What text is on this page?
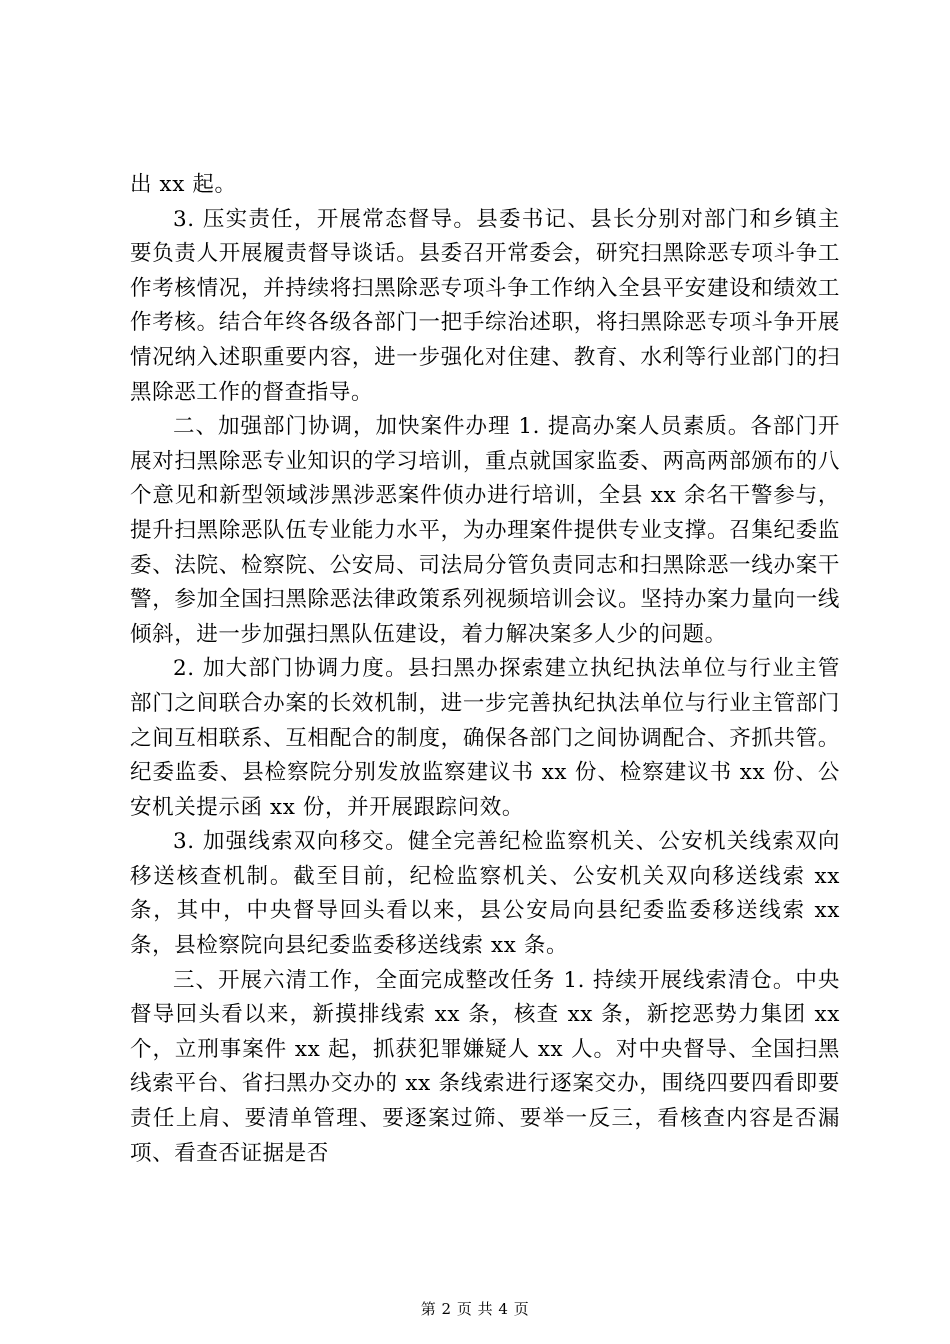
出 xx 起。

3. 压实责任，开展常态督导。县委书记、县长分别对部门和乡镇主要负责人开展履责督导谈话。县委召开常委会，研究扫黑除恶专项斗争工作考核情况，并持续将扫黑除恶专项斗争工作纳入全县平安建设和绩效工作考核。结合年终各级各部门一把手综治述职，将扫黑除恶专项斗争开展情况纳入述职重要内容，进一步强化对住建、教育、水利等行业部门的扫黑除恶工作的督查指导。

二、加强部门协调，加快案件办理 1. 提高办案人员素质。各部门开展对扫黑除恶专业知识的学习培训，重点就国家监委、两高两部颁布的八个意见和新型领域涉黑涉恶案件侦办进行培训，全县 xx 余名干警参与，提升扫黑除恶队伍专业能力水平，为办理案件提供专业支撑。召集纪委监委、法院、检察院、公安局、司法局分管负责同志和扫黑除恶一线办案干警，参加全国扫黑除恶法律政策系列视频培训会议。坚持办案力量向一线倾斜，进一步加强扫黑队伍建设，着力解决案多人少的问题。

2. 加大部门协调力度。县扫黑办探索建立执纪执法单位与行业主管部门之间联合办案的长效机制，进一步完善执纪执法单位与行业主管部门之间互相联系、互相配合的制度，确保各部门之间协调配合、齐抓共管。纪委监委、县检察院分别发放监察建议书 xx 份、检察建议书 xx 份、公安机关提示函 xx 份，并开展跟踪问效。

3. 加强线索双向移交。健全完善纪检监察机关、公安机关线索双向移送核查机制。截至目前，纪检监察机关、公安机关双向移送线索 xx 条，其中，中央督导回头看以来，县公安局向县纪委监委移送线索 xx 条，县检察院向县纪委监委移送线索 xx 条。

三、开展六清工作，全面完成整改任务 1. 持续开展线索清仓。中央督导回头看以来，新摸排线索 xx 条，核查 xx 条，新挖恶势力集团 xx 个，立刑事案件 xx 起，抓获犯罪嫌疑人 xx 人。对中央督导、全国扫黑线索平台、省扫黑办交办的 xx 条线索进行逐案交办，围绕四要四看即要责任上肩、要清单管理、要逐案过筛、要举一反三，看核查内容是否漏项、看查否证据是否

第 2 页 共 4 页
